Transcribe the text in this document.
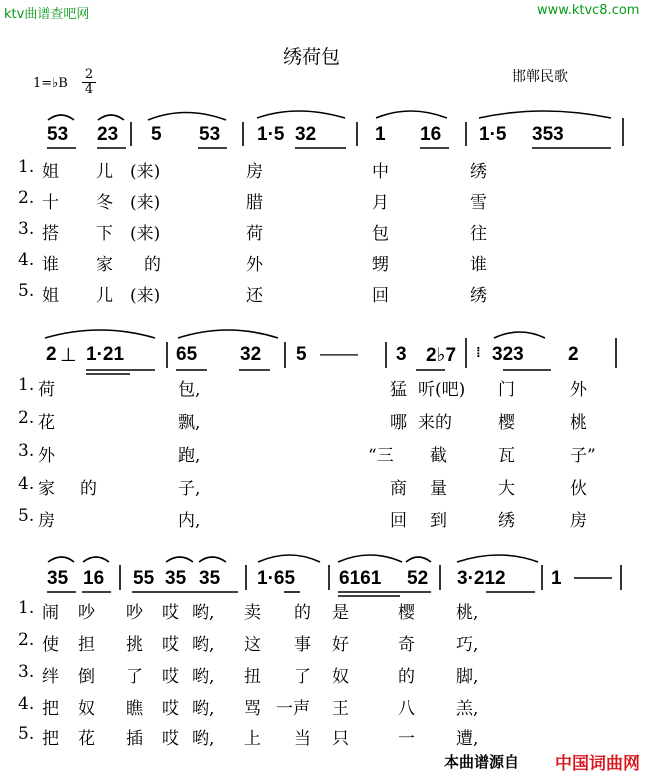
ktv曲谱查吧网	www.ktvc8.com
绣荷包
1=♭B
2
4
邯郸民歌
53 23 5 53 1·5 32	1 16 1·5 353
1. 姐 儿 (来)	房	中	绣
2. 十 冬 (来)	腊	月	雪
3. 搭 下 (来)	荷	包	往
4. 谁 家 的	外	甥	谁
5. 姐 儿 (来)	还	回	绣
2 ⊥ 1·21	65 32 5 —— 3 2♭7 ⁞ 323 2
1. 荷	包,	猛 听(吧) 门	外
2. 花	飘,	哪 来的	樱	桃
3. 外	跑,	“三 截	瓦	子”
4. 家 的	子,	商 量	大	伙
5. 房	内,	回 到	绣	房
35 16 55 35 35 1·65 6161 52 3·212 1
1. 闹 吵 吵 哎 哟, 卖 的 是	樱 桃,
2. 使 担 挑 哎 哟, 这 事 好	奇 巧,
3. 绊 倒 了 哎 哟, 扭 了 奴	的 脚,
4. 把 奴 瞧 哎 哟, 骂 一声 王	八 羔,
5. 把 花 插 哎 哟, 上 当 只	一 遭,
本曲谱源自 中国词曲网
